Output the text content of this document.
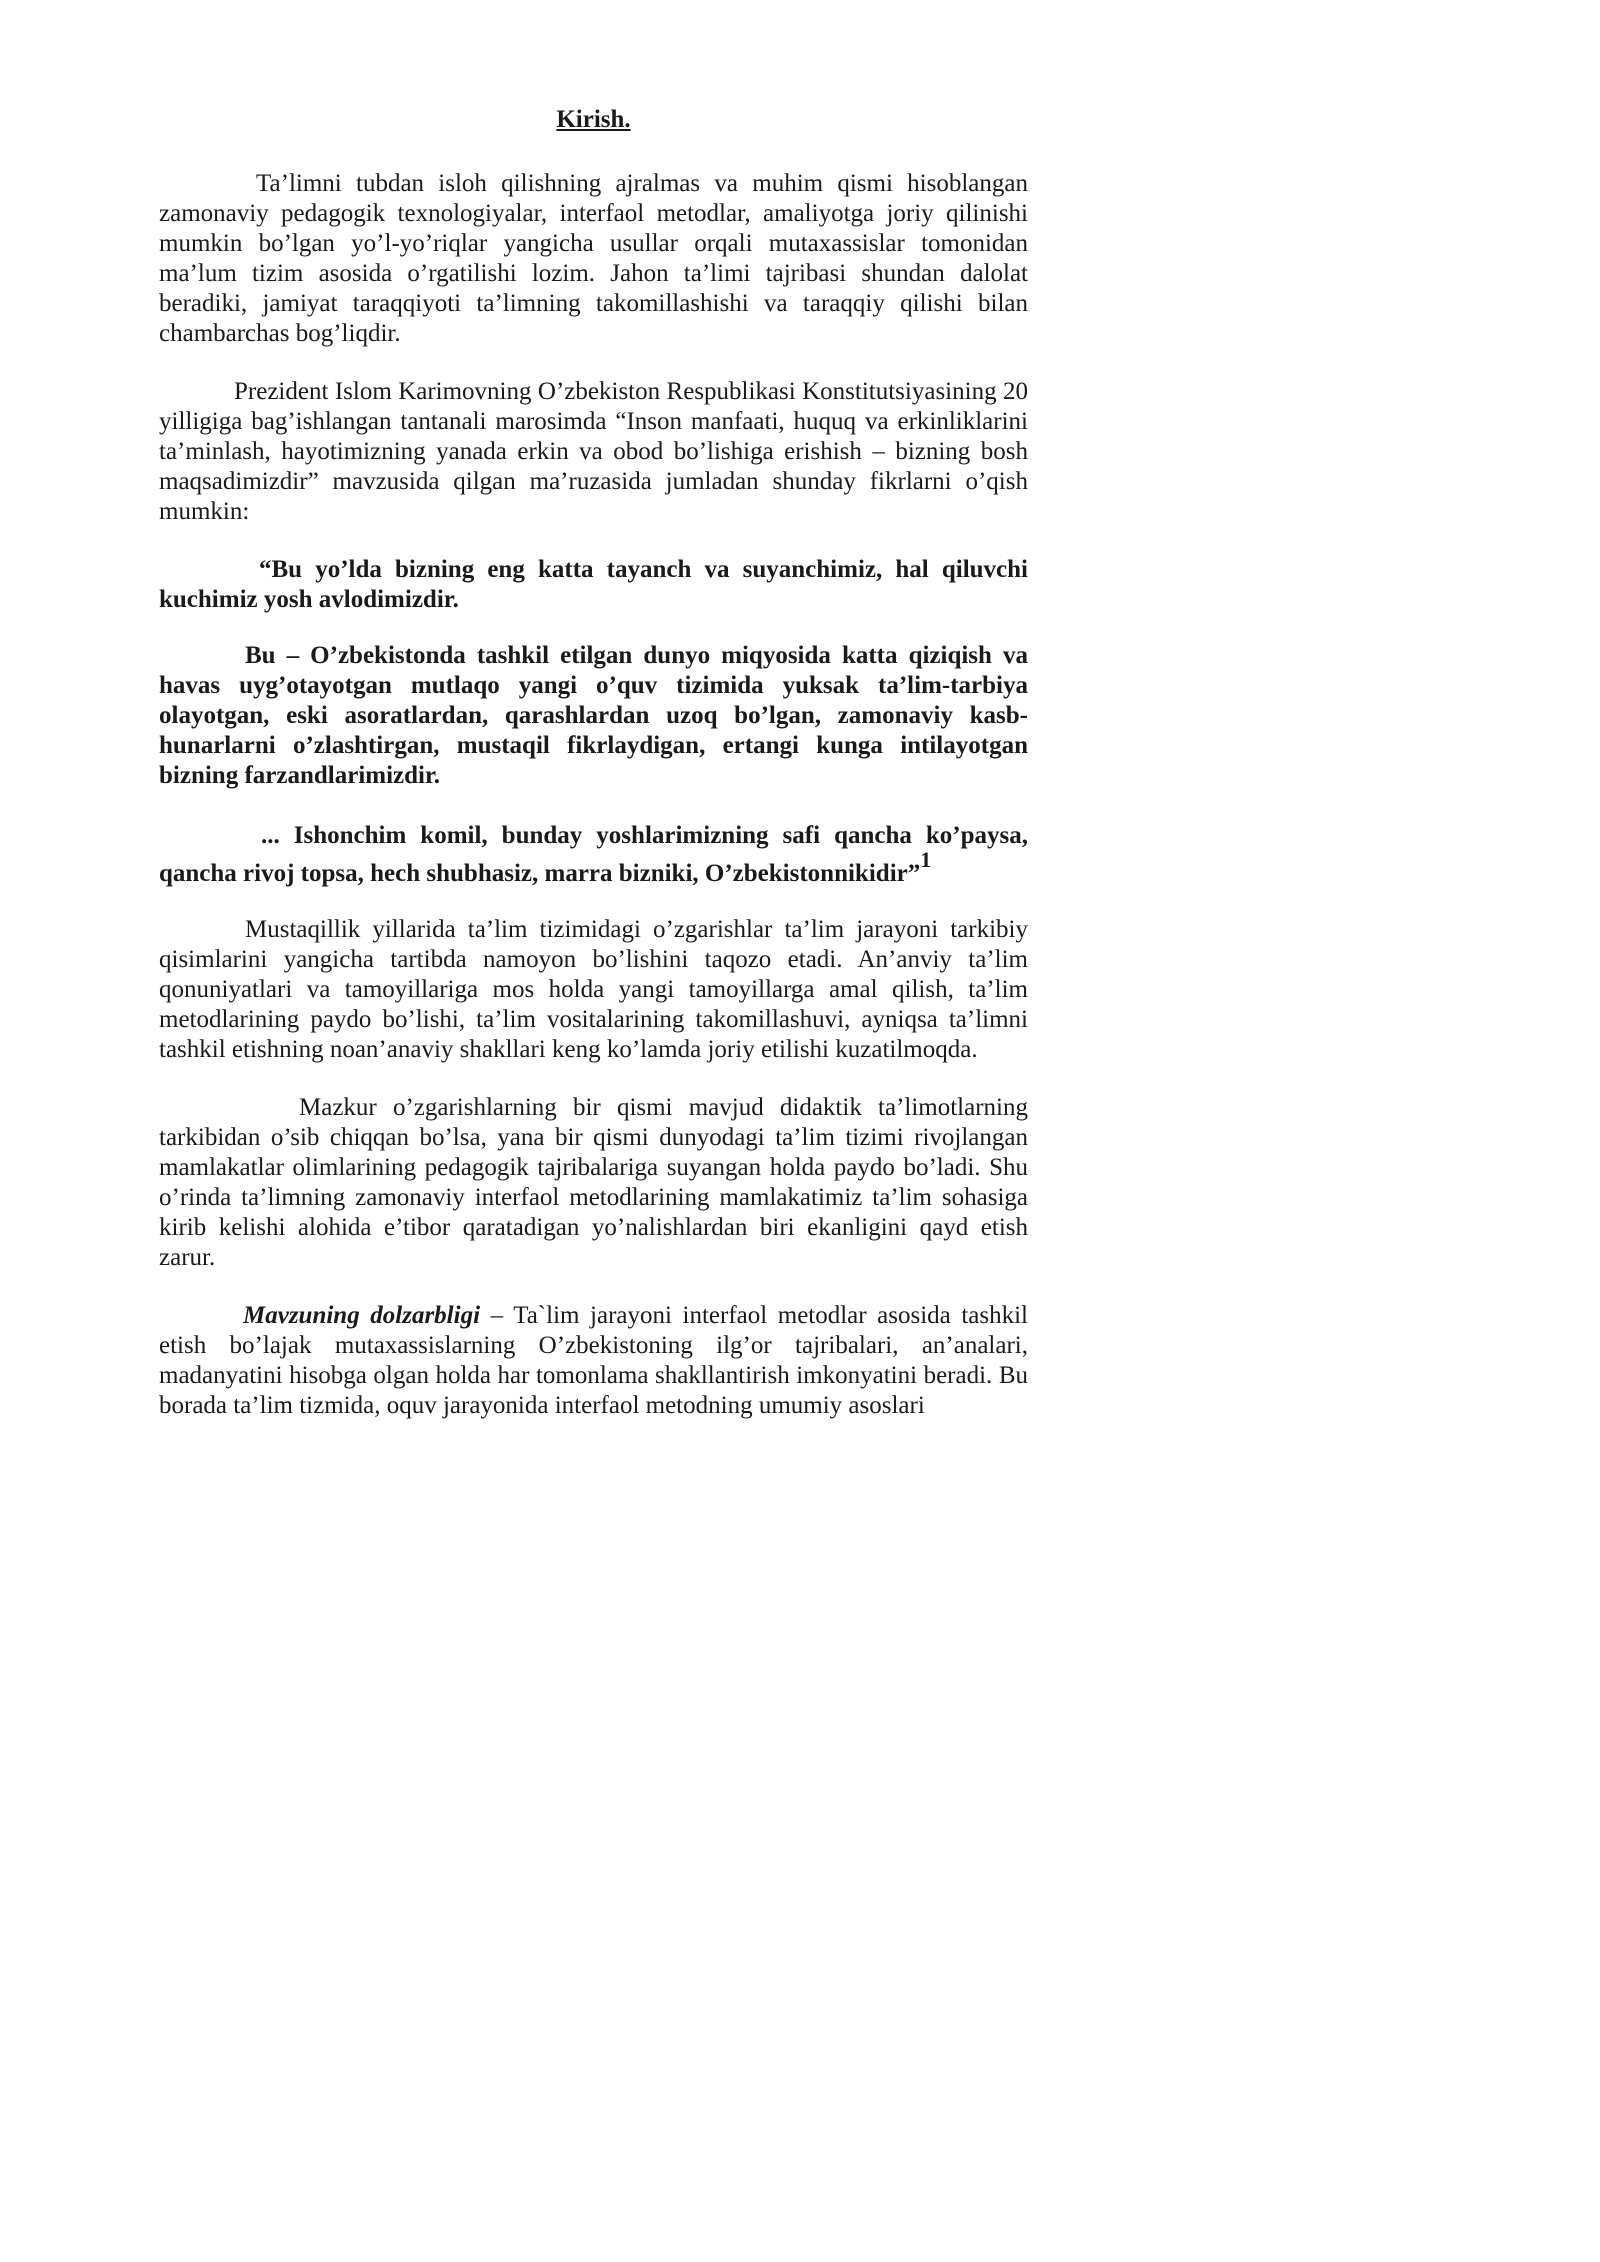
Kirish.

Ta’limni tubdan isloh qilishning ajralmas va muhim qismi hisoblangan zamonaviy pedagogik texnologiyalar, interfaol metodlar, amaliyotga joriy qilinishi mumkin bo’lgan yo’l-yo’riqlar yangicha usullar orqali mutaxassislar tomonidan ma’lum tizim asosida o’rgatilishi lozim. Jahon ta’limi tajribasi shundan dalolat beradiki, jamiyat taraqqiyoti ta’limning takomillashishi va taraqqiy qilishi bilan chambarchas bog’liqdir.

Prezident Islom Karimovning O’zbekiston Respublikasi Konstitutsiyasining 20 yilligiga bag’ishlangan tantanali marosimda “Inson manfaati, huquq va erkinliklarini ta’minlash, hayotimizning yanada erkin va obod bo’lishiga erishish – bizning bosh maqsadimizdir” mavzusida qilgan ma’ruzasida jumladan shunday fikrlarni o’qish mumkin:

“Bu yo’lda bizning eng katta tayanch va suyanchimiz, hal qiluvchi kuchimiz yosh avlodimizdir.

Bu – O’zbekistonda tashkil etilgan dunyo miqyosida katta qiziqish va havas uyg’otayotgan mutlaqo yangi o’quv tizimida yuksak ta’lim-tarbiya olayotgan, eski asoratlardan, qarashlardan uzoq bo’lgan, zamonaviy kasb-hunarlarni o’zlashtirgan, mustaqil fikrlaydigan, ertangi kunga intilayotgan bizning farzandlarimizdir.

... Ishonchim komil, bunday yoshlarimizning safi qancha ko’paysa, qancha rivoj topsa, hech shubhasiz, marra bizniki, O’zbekistonnikidir”1

Mustaqillik yillarida ta’lim tizimidagi o’zgarishlar ta’lim jarayoni tarkibiy qisimlarini yangicha tartibda namoyon bo’lishini taqozo etadi. An’anviy ta’lim qonuniyatlari va tamoyillariga mos holda yangi tamoyillarga amal qilish, ta’lim metodlarining paydo bo’lishi, ta’lim vositalarining takomillashuvi, ayniqsa ta’limni tashkil etishning noan’anaviy shakllari keng ko’lamda joriy etilishi kuzatilmoqda.

Mazkur o’zgarishlarning bir qismi mavjud didaktik ta’limotlarning tarkibidan o’sib chiqqan bo’lsa, yana bir qismi dunyodagi ta’lim tizimi rivojlangan mamlakatlar olimlarining pedagogik tajribalariga suyangan holda paydo bo’ladi. Shu o’rinda ta’limning zamonaviy interfaol metodlarining mamlakatimiz ta’lim sohasiga kirib kelishi alohida e’tibor qaratadigan yo’nalishlardan biri ekanligini qayd etish zarur.

Mavzuning dolzarbligi – Ta`lim jarayoni interfaol metodlar asosida tashkil etish bo’lajak mutaxassislarning O’zbekistoning ilg’or tajribalari, an’analari, madanyatini hisobga olgan holda har tomonlama shakllantirish imkonyatini beradi. Bu borada ta’lim tizmida, oquv jarayonida interfaol metodning umumiy asoslari
